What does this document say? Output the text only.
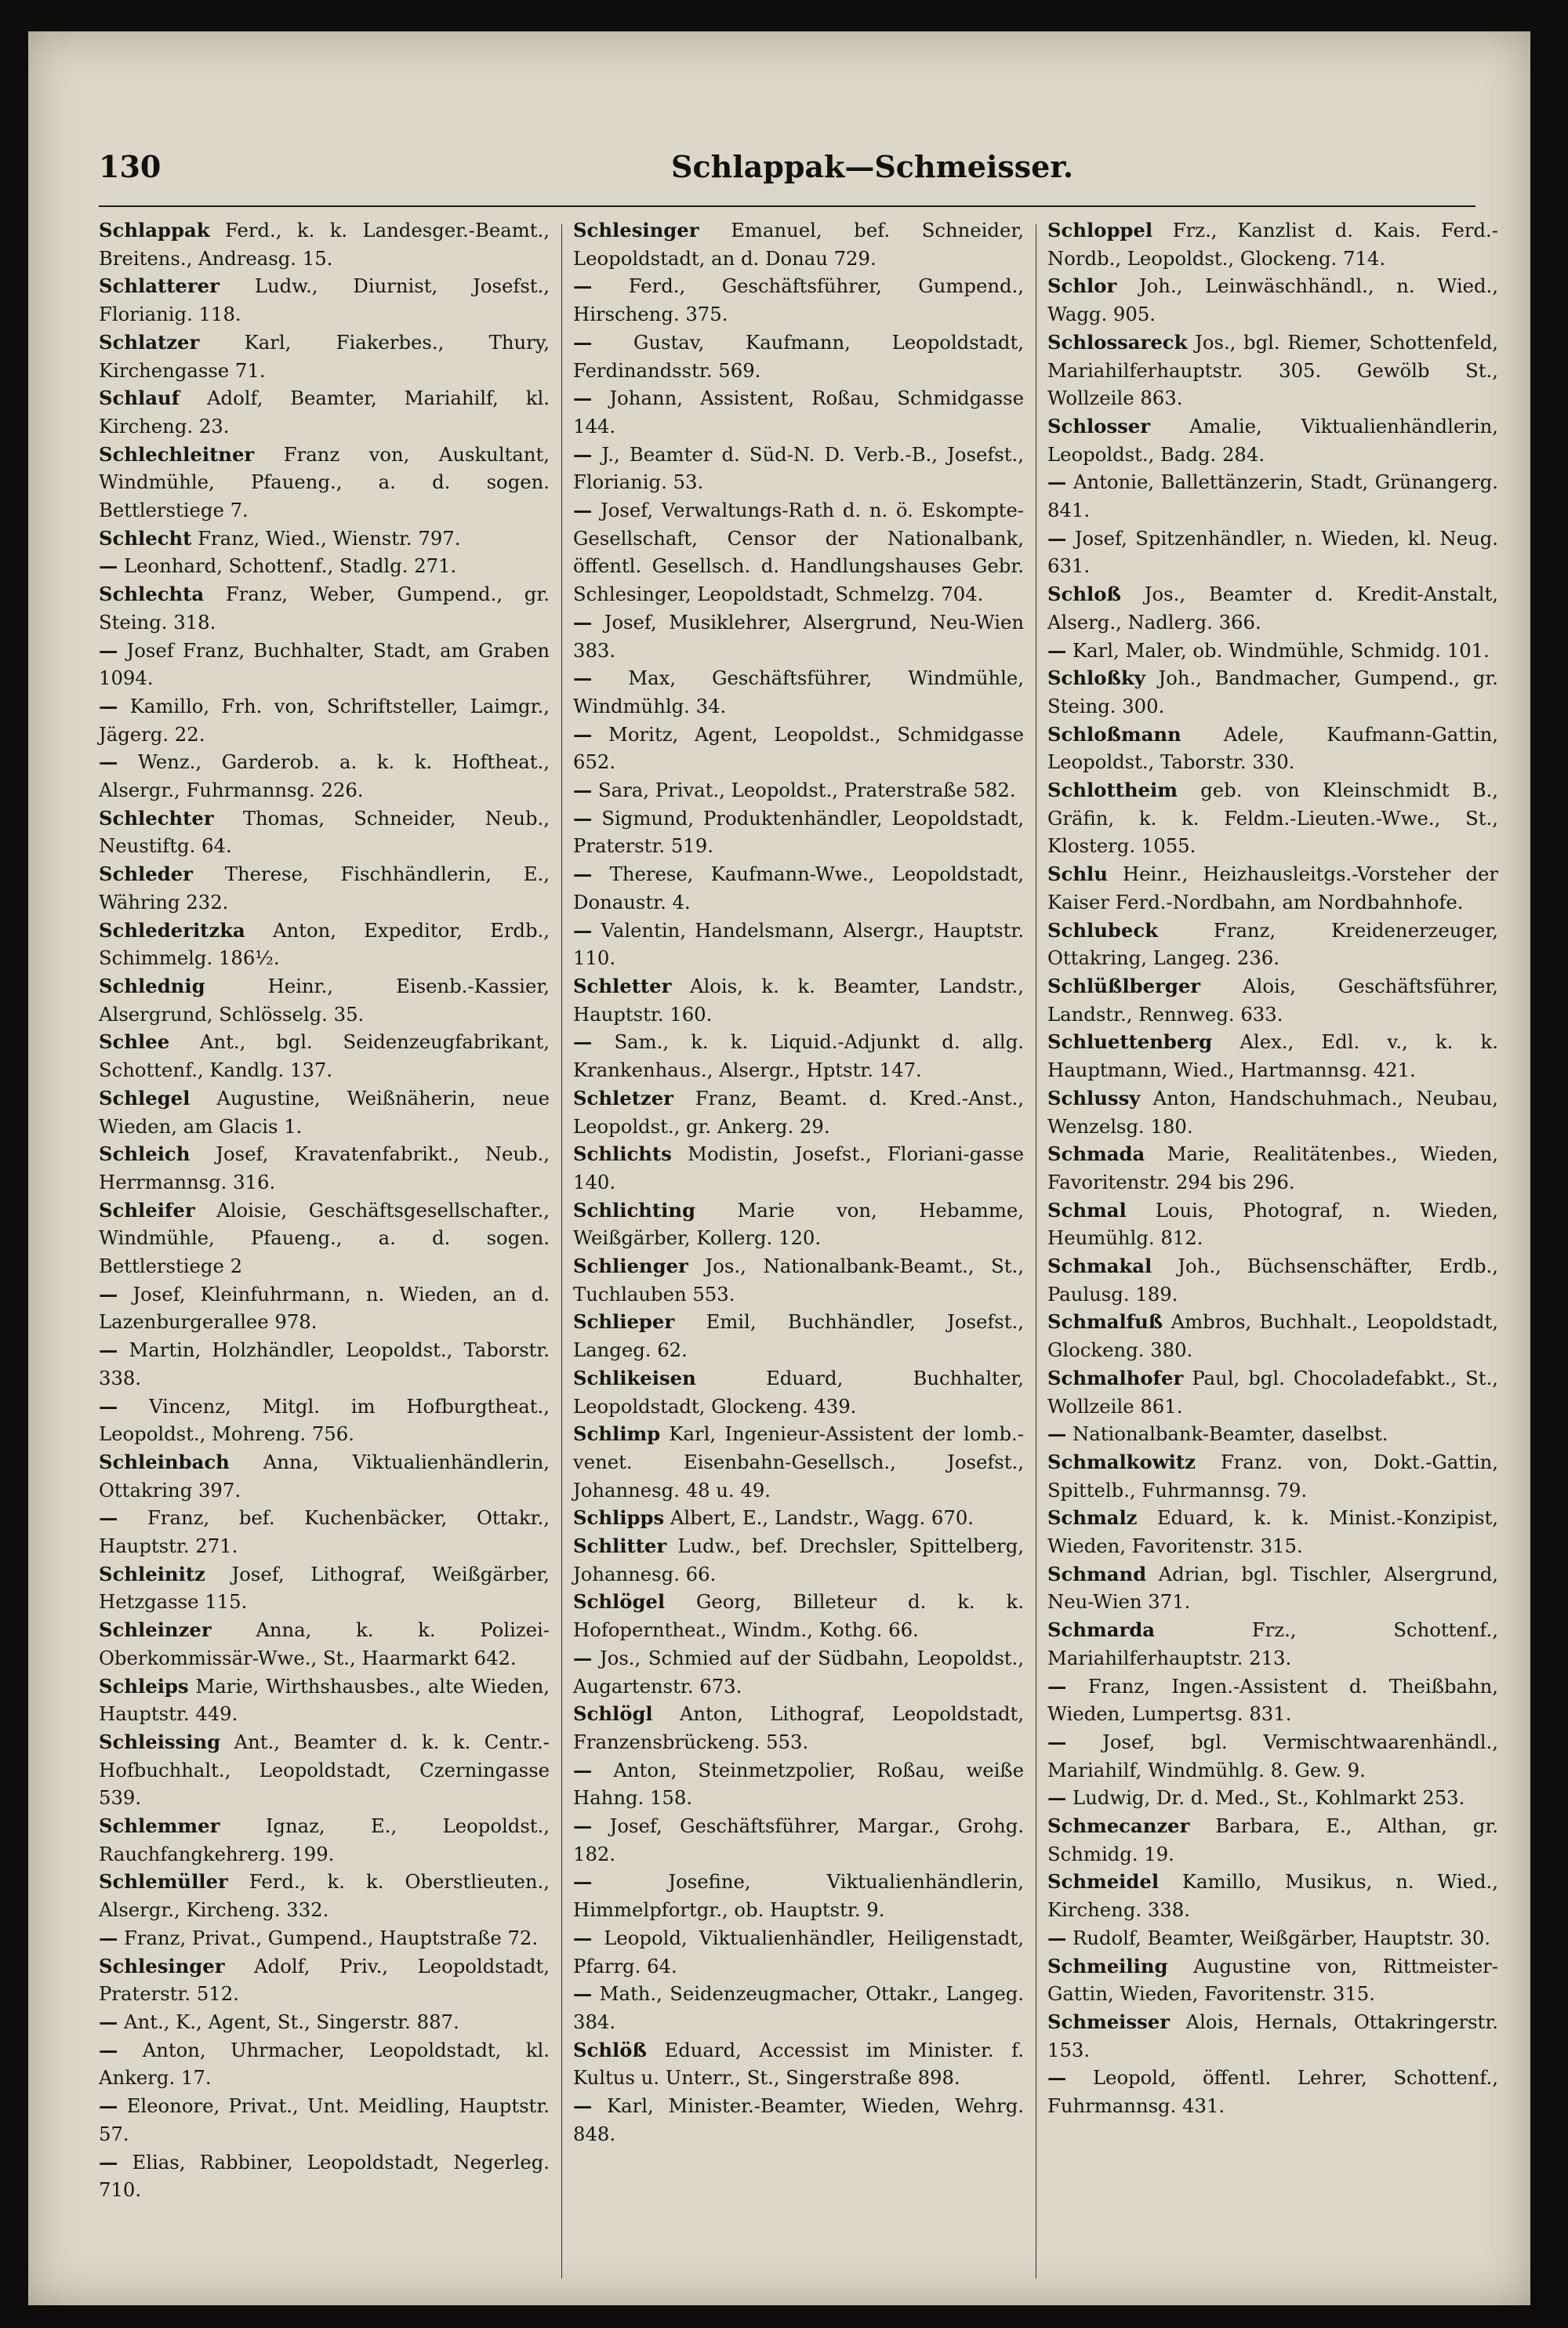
130	Schlappak—Schmeisser.

Schlappak Ferd., k. k. Landesger.-Beamt., Breitens., Andreasg. 15.

Schlatterer Ludw., Diurnist, Josefst., Florianig. 118.

Schlatzer Karl, Fiakerbes., Thury, Kirchengasse 71.

Schlauf Adolf, Beamter, Mariahilf, kl. Kircheng. 23.

Schlechleitner Franz von, Auskultant, Windmühle, Pfaueng., a. d. sogen. Bettlerstiege 7.

Schlecht Franz, Wied., Wienstr. 797.

— Leonhard, Schottenf., Stadlg. 271.

Schlechta Franz, Weber, Gumpend., gr. Steing. 318.

— Josef Franz, Buchhalter, Stadt, am Graben 1094.

— Kamillo, Frh. von, Schriftsteller, Laimgr., Jägerg. 22.

— Wenz., Garderob. a. k. k. Hoftheat., Alsergr., Fuhrmannsg. 226.

Schlechter Thomas, Schneider, Neub., Neustiftg. 64.

Schleder Therese, Fischhändlerin, E., Währing 232.

Schlederitzka Anton, Expeditor, Erdb., Schimmelg. 186½.

Schlednig	Heinr., Eisenb.-Kassier, Alsergrund, Schlösselg. 35.

Schlee Ant., bgl. Seidenzeugfabrikant, Schottenf., Kandlg. 137.

Schlegel Augustine, Weißnäherin, neue Wieden, am Glacis 1.

Schleich Josef, Kravatenfabrikt., Neub., Herrmannsg. 316.

Schleifer Aloisie, Geschäftsgesellschafter., Windmühle, Pfaueng., a. d. sogen. Bettlerstiege 2

— Josef, Kleinfuhrmann, n. Wieden, an d. Lazenburgerallee 978.

— Martin, Holzhändler, Leopoldst., Taborstr. 338.

— Vincenz, Mitgl. im Hofburgtheat., Leopoldst., Mohreng. 756.

Schleinbach Anna, Viktualienhändlerin, Ottakring 397.

— Franz, bef. Kuchenbäcker, Ottakr., Hauptstr. 271.

Schleinitz Josef, Lithograf, Weißgärber, Hetzgasse 115.

Schleinzer Anna, k. k. Polizei-Oberkommissär-Wwe., St., Haarmarkt 642.

Schleips Marie, Wirthshausbes., alte Wieden, Hauptstr. 449.

Schleissing Ant., Beamter d. k. k. Centr.-Hofbuchhalt., Leopoldstadt, Czerningasse 539.

Schlemmer Ignaz, E., Leopoldst., Rauchfangkehrerg. 199.

Schlemüller Ferd., k. k. Oberstlieuten., Alsergr., Kircheng. 332.

— Franz, Privat., Gumpend., Hauptstraße 72.

Schlesinger Adolf, Priv., Leopoldstadt, Praterstr. 512.

— Ant., K., Agent, St., Singerstr. 887.

— Anton, Uhrmacher, Leopoldstadt, kl. Ankerg. 17.

— Eleonore, Privat., Unt. Meidling, Hauptstr. 57.

— Elias, Rabbiner, Leopoldstadt, Negerleg. 710.

Schlesinger Emanuel, bef. Schneider, Leopoldstadt, an d. Donau 729.

— Ferd., Geschäftsführer, Gumpend., Hirscheng. 375.

— Gustav, Kaufmann, Leopoldstadt, Ferdinandsstr. 569.

— Johann, Assistent, Roßau, Schmidgasse 144.

— J., Beamter d. Süd-N. D. Verb.-B., Josefst., Florianig. 53.

— Josef, Verwaltungs-Rath d. n. ö. Eskompte-Gesellschaft, Censor der Nationalbank, öffentl. Gesellsch. d. Handlungshauses Gebr. Schlesinger, Leopoldstadt, Schmelzg. 704.

— Josef, Musiklehrer, Alsergrund, Neu-Wien 383.

— Max, Geschäftsführer, Windmühle, Windmühlg. 34.

— Moritz, Agent, Leopoldst., Schmidgasse 652.

— Sara, Privat., Leopoldst., Praterstraße 582.

— Sigmund, Produktenhändler, Leopoldstadt, Praterstr. 519.

— Therese, Kaufmann-Wwe., Leopoldstadt, Donaustr. 4.

— Valentin, Handelsmann, Alsergr., Hauptstr. 110.

Schletter Alois, k. k. Beamter, Landstr., Hauptstr. 160.

— Sam., k. k. Liquid.-Adjunkt d. allg. Krankenhaus., Alsergr., Hptstr. 147.

Schletzer Franz, Beamt. d. Kred.-Anst., Leopoldst., gr. Ankerg. 29.

Schlichts Modistin, Josefst., Floriani-gasse 140.

Schlichting Marie von, Hebamme, Weißgärber, Kollerg. 120.

Schlienger Jos., Nationalbank-Beamt., St., Tuchlauben 553.

Schlieper Emil, Buchhändler, Josefst., Langeg. 62.

Schlikeisen	Eduard, Buchhalter, Leopoldstadt, Glockeng. 439.

Schlimp Karl, Ingenieur-Assistent der lomb.-venet. Eisenbahn-Gesellsch., Josefst., Johannesg. 48 u. 49.

Schlipps Albert, E., Landstr., Wagg. 670.

Schlitter Ludw., bef. Drechsler, Spittelberg, Johannesg. 66.

Schlögel Georg, Billeteur d. k. k. Hofoperntheat., Windm., Kothg. 66.

— Jos., Schmied auf der Südbahn, Leopoldst., Augartenstr. 673.

Schlögl Anton, Lithograf, Leopoldstadt, Franzensbrückeng. 553.

— Anton, Steinmetzpolier, Roßau, weiße Hahng. 158.

— Josef, Geschäftsführer, Margar., Grohg. 182.

—	Josefine, Viktualienhändlerin, Himmelpfortgr., ob. Hauptstr. 9.

— Leopold, Viktualienhändler, Heiligenstadt, Pfarrg. 64.

— Math., Seidenzeugmacher, Ottakr., Langeg. 384.

Schlöß Eduard, Accessist im Minister. f. Kultus u. Unterr., St., Singerstraße 898.

— Karl, Minister.-Beamter, Wieden, Wehrg. 848.

Schloppel Frz., Kanzlist d. Kais. Ferd.-Nordb., Leopoldst., Glockeng. 714.

Schlor Joh., Leinwäschhändl., n. Wied., Wagg. 905.

Schlossareck Jos., bgl. Riemer, Schottenfeld, Mariahilferhauptstr. 305. Gewölb St., Wollzeile 863.

Schlosser Amalie, Viktualienhändlerin, Leopoldst., Badg. 284.

— Antonie, Ballettänzerin, Stadt, Grünangerg. 841.

— Josef, Spitzenhändler, n. Wieden, kl. Neug. 631.

Schloß Jos., Beamter d. Kredit-Anstalt, Alserg., Nadlerg. 366.

— Karl, Maler, ob. Windmühle, Schmidg. 101.

Schloßky Joh., Bandmacher, Gumpend., gr. Steing. 300.

Schloßmann Adele, Kaufmann-Gattin, Leopoldst., Taborstr. 330.

Schlottheim geb. von Kleinschmidt B., Gräfin, k. k. Feldm.-Lieuten.-Wwe., St., Klosterg. 1055.

Schlu Heinr., Heizhausleitgs.-Vorsteher der Kaiser Ferd.-Nordbahn, am Nordbahnhofe.

Schlubeck	Franz, Kreidenerzeuger, Ottakring, Langeg. 236.

Schlüßlberger Alois, Geschäftsführer, Landstr., Rennweg. 633.

Schluettenberg Alex., Edl. v., k. k. Hauptmann, Wied., Hartmannsg. 421.

Schlussy Anton, Handschuhmach., Neubau, Wenzelsg. 180.

Schmada Marie, Realitätenbes., Wieden, Favoritenstr. 294 bis 296.

Schmal Louis, Photograf, n. Wieden, Heumühlg. 812.

Schmakal Joh., Büchsenschäfter, Erdb., Paulusg. 189.

Schmalfuß Ambros, Buchhalt., Leopoldstadt, Glockeng. 380.

Schmalhofer Paul, bgl. Chocoladefabkt., St., Wollzeile 861.

— Nationalbank-Beamter, daselbst.

Schmalkowitz Franz. von, Dokt.-Gattin, Spittelb., Fuhrmannsg. 79.

Schmalz Eduard, k. k. Minist.-Konzipist, Wieden, Favoritenstr. 315.

Schmand Adrian, bgl. Tischler, Alsergrund, Neu-Wien 371.

Schmarda	Frz., Schottenf., Mariahilferhauptstr. 213.

— Franz, Ingen.-Assistent d. Theißbahn, Wieden, Lumpertsg. 831.

— Josef, bgl. Vermischtwaarenhändl., Mariahilf, Windmühlg. 8. Gew. 9.

— Ludwig, Dr. d. Med., St., Kohlmarkt 253.

Schmecanzer Barbara, E., Althan, gr. Schmidg. 19.

Schmeidel Kamillo, Musikus, n. Wied., Kircheng. 338.

— Rudolf, Beamter, Weißgärber, Hauptstr. 30.

Schmeiling Augustine von, Rittmeister-Gattin, Wieden, Favoritenstr. 315.

Schmeisser Alois, Hernals, Ottakringerstr. 153.

— Leopold, öffentl. Lehrer, Schottenf., Fuhrmannsg. 431.
